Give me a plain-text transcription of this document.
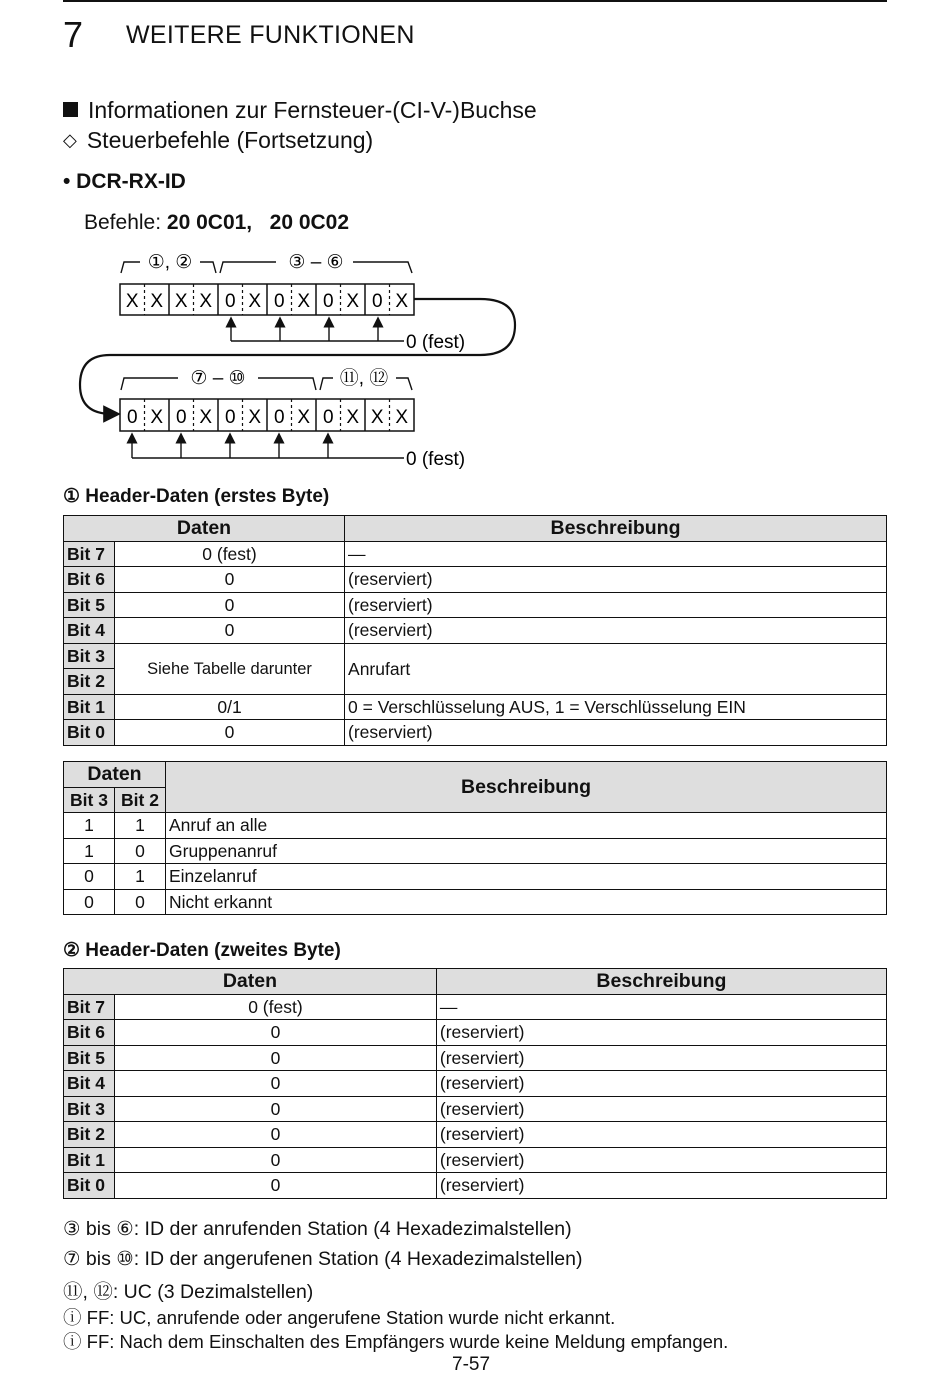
7 WEITERE FUNKTIONEN
Informationen zur Fernsteuer-(CI-V-)Buchse
◇ Steuerbefehle (Fortsetzung)
• DCR-RX-ID
Befehle: 20 0C01,   20 0C02
①, ②	③ – ⑥
X X X X 0 X 0 X 0 X 0 X
0 (fest)
⑦ – ⑩	⑪, ⑫
0 X 0 X 0 X 0 X 0 X X X
0 (fest)
① Header-Daten (erstes Byte)
Daten		Beschreibung
Bit 7	0 (fest)	—
Bit 6	0	(reserviert)
Bit 5	0	(reserviert)
Bit 4	0	(reserviert)
Bit 3	Siehe Tabelle darunter	Anrufart
Bit 2		
Bit 1	0/1	0 = Verschlüsselung AUS, 1 = Verschlüsselung EIN
Bit 0	0	(reserviert)
Daten		Beschreibung
Bit 3	Bit 2	
1	1	Anruf an alle
1	0	Gruppenanruf
0	1	Einzelanruf
0	0	Nicht erkannt
② Header-Daten (zweites Byte)
Daten		Beschreibung
Bit 7	0 (fest)	—
Bit 6	0	(reserviert)
Bit 5	0	(reserviert)
Bit 4	0	(reserviert)
Bit 3	0	(reserviert)
Bit 2	0	(reserviert)
Bit 1	0	(reserviert)
Bit 0	0	(reserviert)
③ bis ⑥: ID der anrufenden Station (4 Hexadezimalstellen)
⑦ bis ⑩: ID der angerufenen Station (4 Hexadezimalstellen)
⑪, ⑫: UC (3 Dezimalstellen)
ⓘ FF: UC, anrufende oder angerufene Station wurde nicht erkannt.
ⓘ FF: Nach dem Einschalten des Empfängers wurde keine Meldung empfangen.
7-57
